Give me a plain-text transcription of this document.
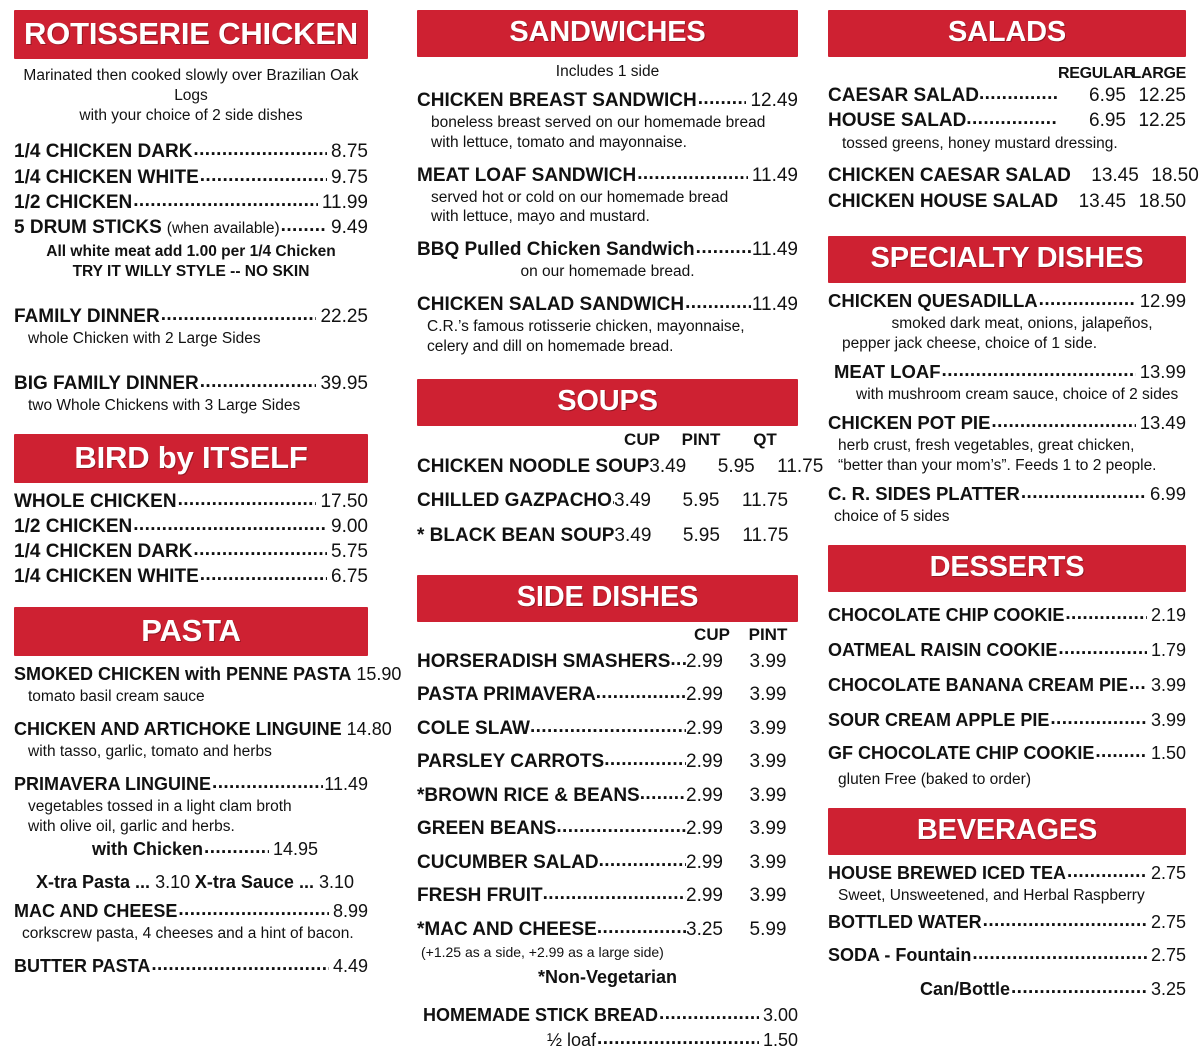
ROTISSERIE CHICKEN
Marinated then cooked slowly over Brazilian Oak Logs
with your choice of 2 side dishes
1/4 CHICKEN DARK .....	8.75
1/4 CHICKEN WHITE .....	9.75
1/2 CHICKEN .....	11.99
5 DRUM STICKS (when available) .....	9.49
All white meat add 1.00 per 1/4 Chicken
TRY IT WILLY STYLE -- NO SKIN
FAMILY DINNER .....	22.25
whole Chicken with 2 Large Sides
BIG FAMILY DINNER .....	39.95
two Whole Chickens with 3 Large Sides
BIRD by ITSELF
WHOLE CHICKEN .....	17.50
1/2 CHICKEN .....	9.00
1/4 CHICKEN DARK .....	5.75
1/4 CHICKEN WHITE .....	6.75
PASTA
SMOKED CHICKEN with PENNE PASTA 15.90
tomato basil cream sauce
CHICKEN AND ARTICHOKE LINGUINE 14.80
with tasso, garlic, tomato and herbs
PRIMAVERA LINGUINE .....	11.49
vegetables tossed in a light clam broth
with olive oil, garlic and herbs.
with Chicken .....	14.95
X-tra Pasta ... 3.10 X-tra Sauce ... 3.10
MAC AND CHEESE .....	8.99
corkscrew pasta, 4 cheeses and a hint of bacon.
BUTTER PASTA .....	4.49
SANDWICHES
Includes 1 side
CHICKEN BREAST SANDWICH .....	12.49
boneless breast served on our homemade bread
with lettuce, tomato and mayonnaise.
MEAT LOAF SANDWICH .....	11.49
served hot or cold on our homemade bread
with lettuce, mayo and mustard.
BBQ Pulled Chicken Sandwich .....	11.49
on our homemade bread.
CHICKEN SALAD SANDWICH .....	11.49
C.R.’s famous rotisserie chicken, mayonnaise,
celery and dill on homemade bread.
SOUPS
CUP	PINT	QT
CHICKEN NOODLE SOUP 3.49	5.95	11.75
CHILLED GAZPACHO ..... 3.49	5.95	11.75
* BLACK BEAN SOUP 3.49	5.95	11.75
SIDE DISHES
CUP	PINT
HORSERADISH SMASHERS ..... 2.99	3.99
PASTA PRIMAVERA .....	2.99	3.99
COLE SLAW .....	2.99	3.99
PARSLEY CARROTS .....	2.99	3.99
*BROWN RICE & BEANS ..... 2.99	3.99
GREEN BEANS .....	2.99	3.99
CUCUMBER SALAD .....	2.99	3.99
FRESH FRUIT .....	2.99	3.99
*MAC AND CHEESE .....	3.25	5.99
(+1.25 as a side, +2.99 as a large side)
*Non-Vegetarian
HOMEMADE STICK BREAD .....	3.00
½ loaf .....	1.50
SALADS
REGULAR
LARGE
CAESAR SALAD .....	6.95 12.25
HOUSE SALAD .....	6.95 12.25
tossed greens, honey mustard dressing.
CHICKEN CAESAR SALAD	13.45 18.50
CHICKEN HOUSE SALAD	13.45 18.50
SPECIALTY DISHES
CHICKEN QUESADILLA .....	12.99
smoked dark meat, onions, jalapeños,
pepper jack cheese, choice of 1 side.
MEAT LOAF .....	13.99
with mushroom cream sauce, choice of 2 sides
CHICKEN POT PIE .....	13.49
herb crust, fresh vegetables, great chicken,
“better than your mom’s”. Feeds 1 to 2 people.
C. R. SIDES PLATTER .....	6.99
choice of 5 sides
DESSERTS
CHOCOLATE CHIP COOKIE .....	2.19
OATMEAL RAISIN COOKIE .....	1.79
CHOCOLATE BANANA CREAM PIE ..... 3.99
SOUR CREAM APPLE PIE .....	3.99
GF CHOCOLATE CHIP COOKIE .....	1.50
gluten Free (baked to order)
BEVERAGES
HOUSE BREWED ICED TEA .....	2.75
Sweet, Unsweetened, and Herbal Raspberry
BOTTLED WATER .....	2.75
SODA - Fountain .....	2.75
Can/Bottle .....	3.25
